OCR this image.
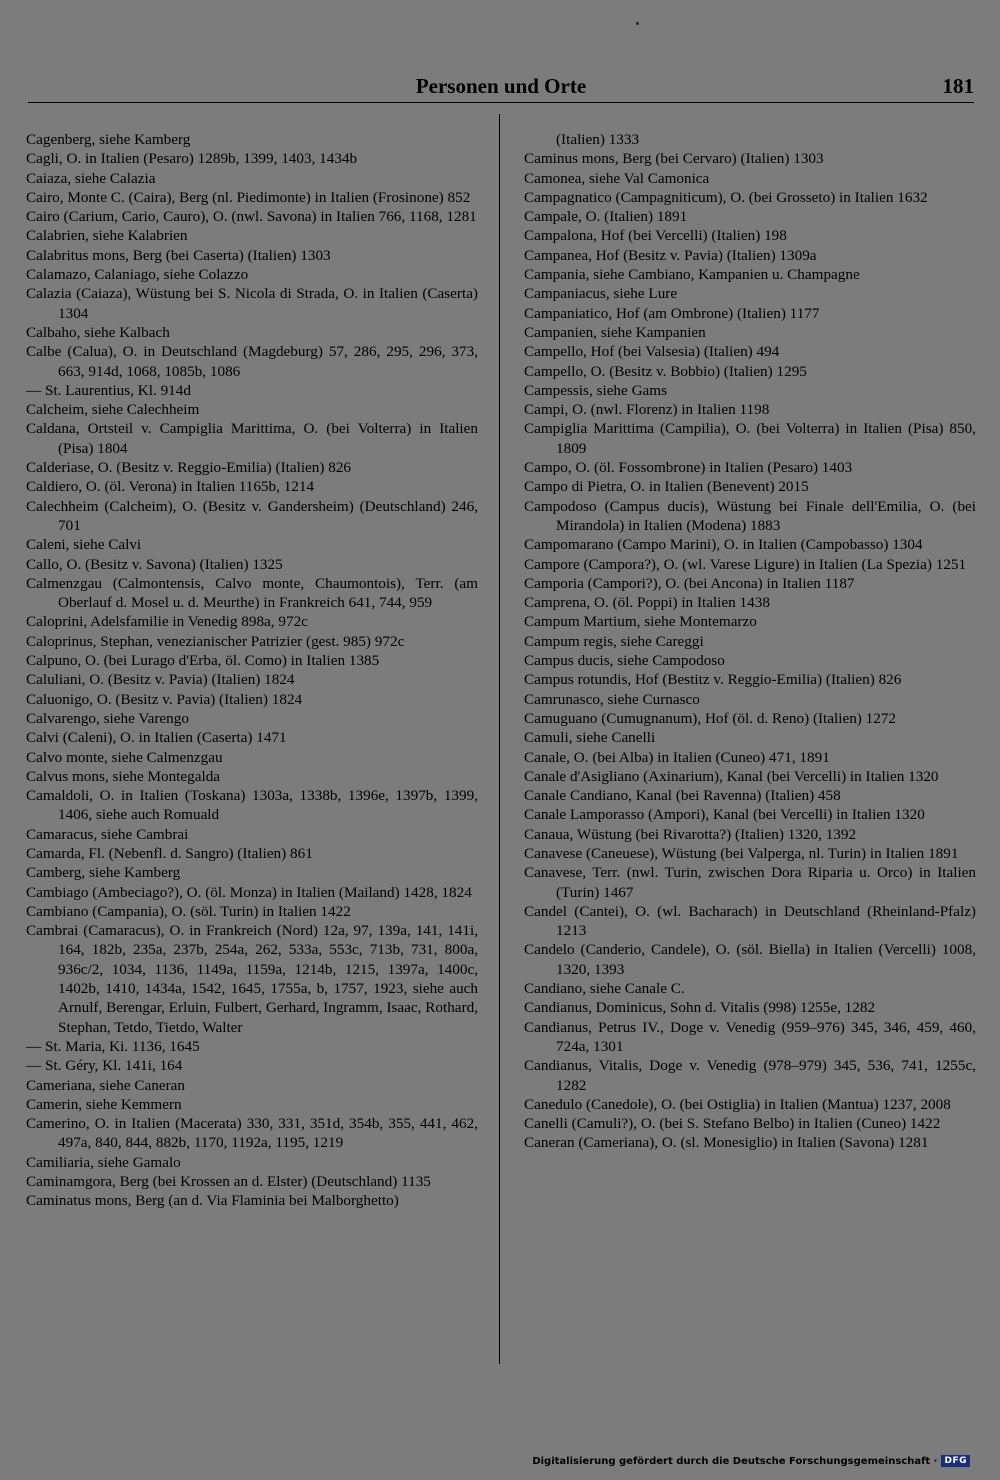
Personen und Orte	181
Cagenberg, siehe Kamberg
Cagli, O. in Italien (Pesaro) 1289b, 1399, 1403, 1434b
Caiaza, siehe Calazia
Cairo, Monte C. (Caira), Berg (nl. Piedimonte) in Italien (Frosinone) 852
Cairo (Carium, Cario, Cauro), O. (nwl. Savona) in Italien 766, 1168, 1281
Calabrien, siehe Kalabrien
Calabritus mons, Berg (bei Caserta) (Italien) 1303
Calamazo, Calaniago, siehe Colazzo
Calazia (Caiaza), Wüstung bei S. Nicola di Strada, O. in Italien (Caserta) 1304
Calbaho, siehe Kalbach
Calbe (Calua), O. in Deutschland (Magdeburg) 57, 286, 295, 296, 373, 663, 914d, 1068, 1085b, 1086
— St. Laurentius, Kl. 914d
Calcheim, siehe Calechheim
Caldana, Ortsteil v. Campiglia Marittima, O. (bei Volterra) in Italien (Pisa) 1804
Calderiase, O. (Besitz v. Reggio-Emilia) (Italien) 826
Caldiero, O. (öl. Verona) in Italien 1165b, 1214
Calechheim (Calcheim), O. (Besitz v. Gandersheim) (Deutschland) 246, 701
Caleni, siehe Calvi
Callo, O. (Besitz v. Savona) (Italien) 1325
Calmenzgau (Calmontensis, Calvo monte, Chaumontois), Terr. (am Oberlauf d. Mosel u. d. Meurthe) in Frankreich 641, 744, 959
Caloprini, Adelsfamilie in Venedig 898a, 972c
Caloprinus, Stephan, venezianischer Patrizier (gest. 985) 972c
Calpuno, O. (bei Lurago d'Erba, öl. Como) in Italien 1385
Caluliani, O. (Besitz v. Pavia) (Italien) 1824
Caluonigo, O. (Besitz v. Pavia) (Italien) 1824
Calvarengo, siehe Varengo
Calvi (Caleni), O. in Italien (Caserta) 1471
Calvo monte, siehe Calmenzgau
Calvus mons, siehe Montegalda
Camaldoli, O. in Italien (Toskana) 1303a, 1338b, 1396e, 1397b, 1399, 1406, siehe auch Romuald
Camaracus, siehe Cambrai
Camarda, Fl. (Nebenfl. d. Sangro) (Italien) 861
Camberg, siehe Kamberg
Cambiago (Ambeciago?), O. (öl. Monza) in Italien (Mailand) 1428, 1824
Cambiano (Campania), O. (söl. Turin) in Italien 1422
Cambrai (Camaracus), O. in Frankreich (Nord) 12a, 97, 139a, 141, 141i, 164, 182b, 235a, 237b, 254a, 262, 533a, 553c, 713b, 731, 800a, 936c/2, 1034, 1136, 1149a, 1159a, 1214b, 1215, 1397a, 1400c, 1402b, 1410, 1434a, 1542, 1645, 1755a, b, 1757, 1923, siehe auch Arnulf, Berengar, Erluin, Fulbert, Gerhard, Ingramm, Isaac, Rothard, Stephan, Tetdo, Tietdo, Walter
— St. Maria, Ki. 1136, 1645
— St. Géry, Kl. 141i, 164
Cameriana, siehe Caneran
Camerin, siehe Kemmern
Camerino, O. in Italien (Macerata) 330, 331, 351d, 354b, 355, 441, 462, 497a, 840, 844, 882b, 1170, 1192a, 1195, 1219
Camiliaria, siehe Gamalo
Caminamgora, Berg (bei Krossen an d. Elster) (Deutschland) 1135
Caminatus mons, Berg (an d. Via Flaminia bei Malborghetto)
(Italien) 1333
Caminus mons, Berg (bei Cervaro) (Italien) 1303
Camonea, siehe Val Camonica
Campagnatico (Campagniticum), O. (bei Grosseto) in Italien 1632
Campale, O. (Italien) 1891
Campalona, Hof (bei Vercelli) (Italien) 198
Campanea, Hof (Besitz v. Pavia) (Italien) 1309a
Campania, siehe Cambiano, Kampanien u. Champagne
Campaniacus, siehe Lure
Campaniatico, Hof (am Ombrone) (Italien) 1177
Campanien, siehe Kampanien
Campello, Hof (bei Valsesia) (Italien) 494
Campello, O. (Besitz v. Bobbio) (Italien) 1295
Campessis, siehe Gams
Campi, O. (nwl. Florenz) in Italien 1198
Campiglia Marittima (Campilia), O. (bei Volterra) in Italien (Pisa) 850, 1809
Campo, O. (öl. Fossombrone) in Italien (Pesaro) 1403
Campo di Pietra, O. in Italien (Benevent) 2015
Campodoso (Campus ducis), Wüstung bei Finale dell'Emilia, O. (bei Mirandola) in Italien (Modena) 1883
Campomarano (Campo Marini), O. in Italien (Campobasso) 1304
Campore (Campora?), O. (wl. Varese Ligure) in Italien (La Spezia) 1251
Camporia (Campori?), O. (bei Ancona) in Italien 1187
Camprena, O. (öl. Poppi) in Italien 1438
Campum Martium, siehe Montemarzo
Campum regis, siehe Careggi
Campus ducis, siehe Campodoso
Campus rotundis, Hof (Bestitz v. Reggio-Emilia) (Italien) 826
Camrunasco, siehe Curnasco
Camuguano (Cumugnanum), Hof (öl. d. Reno) (Italien) 1272
Camuli, siehe Canelli
Canale, O. (bei Alba) in Italien (Cuneo) 471, 1891
Canale d'Asigliano (Axinarium), Kanal (bei Vercelli) in Italien 1320
Canale Candiano, Kanal (bei Ravenna) (Italien) 458
Canale Lamporasso (Ampori), Kanal (bei Vercelli) in Italien 1320
Canaua, Wüstung (bei Rivarotta?) (Italien) 1320, 1392
Canavese (Caneuese), Wüstung (bei Valperga, nl. Turin) in Italien 1891
Canavese, Terr. (nwl. Turin, zwischen Dora Riparia u. Orco) in Italien (Turin) 1467
Candel (Cantei), O. (wl. Bacharach) in Deutschland (Rheinland-Pfalz) 1213
Candelo (Canderio, Candele), O. (söl. Biella) in Italien (Vercelli) 1008, 1320, 1393
Candiano, siehe Canale C.
Candianus, Dominicus, Sohn d. Vitalis (998) 1255e, 1282
Candianus, Petrus IV., Doge v. Venedig (959–976) 345, 346, 459, 460, 724a, 1301
Candianus, Vitalis, Doge v. Venedig (978–979) 345, 536, 741, 1255c, 1282
Canedulo (Canedole), O. (bei Ostiglia) in Italien (Mantua) 1237, 2008
Canelli (Camuli?), O. (bei S. Stefano Belbo) in Italien (Cuneo) 1422
Caneran (Cameriana), O. (sl. Monesiglio) in Italien (Savona) 1281
Digitalisierung gefördert durch die Deutsche Forschungsgemeinschaft · DFG
